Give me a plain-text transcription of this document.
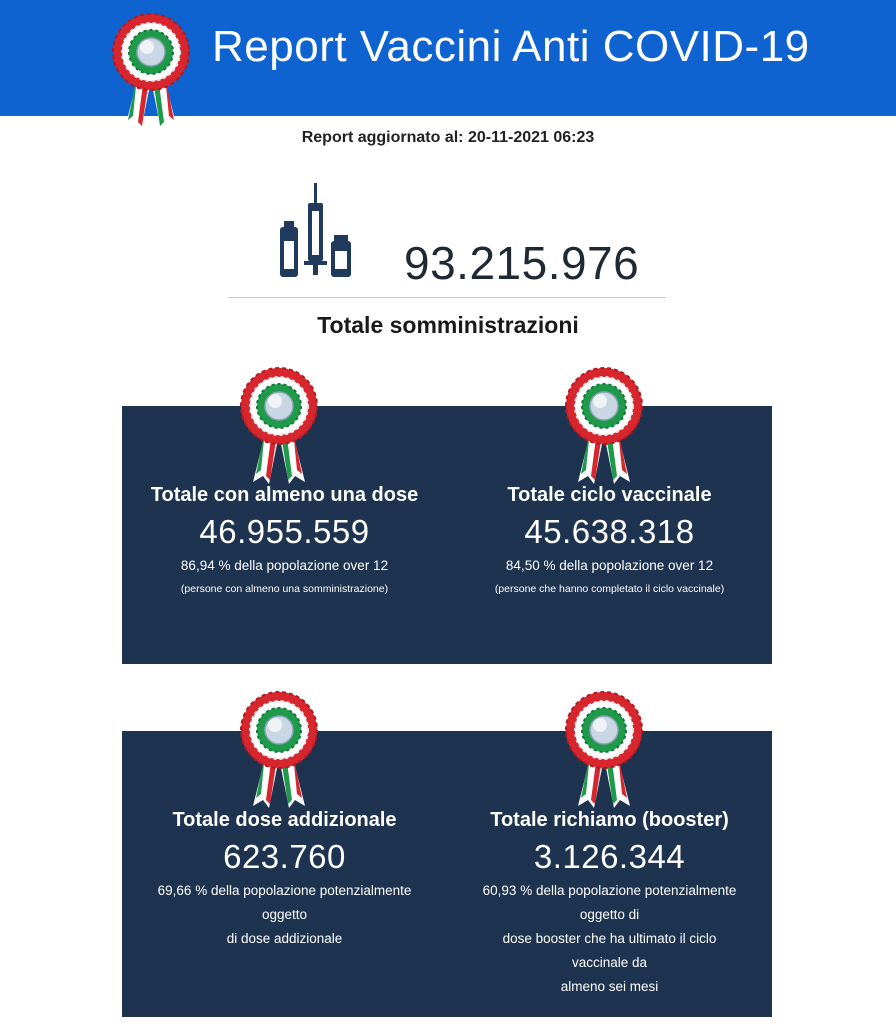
Report Vaccini Anti COVID-19
Report aggiornato al: 20-11-2021 06:23
93.215.976
Totale somministrazioni
Totale con almeno una dose
46.955.559
86,94 % della popolazione over 12
(persone con almeno una somministrazione)
Totale ciclo vaccinale
45.638.318
84,50 % della popolazione over 12
(persone che hanno completato il ciclo vaccinale)
Totale dose addizionale
623.760
69,66 % della popolazione potenzialmente
oggetto
di dose addizionale
Totale richiamo (booster)
3.126.344
60,93 % della popolazione potenzialmente
oggetto di
dose booster che ha ultimato il ciclo
vaccinale da
almeno sei mesi
